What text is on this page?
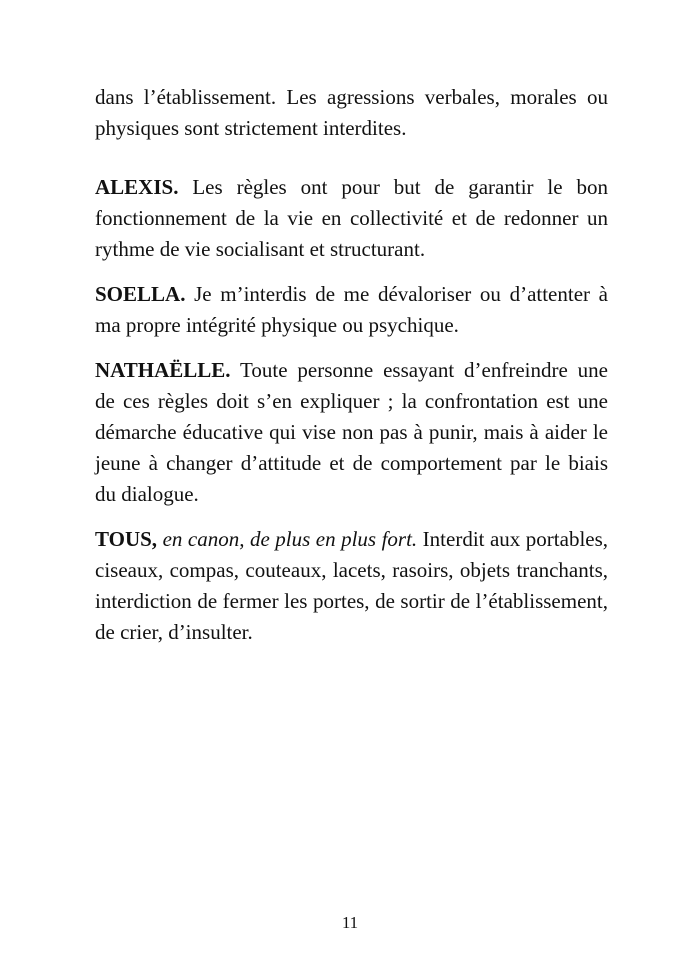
dans l’établissement. Les agressions verbales, morales ou physiques sont strictement interdites.

ALEXIS. Les règles ont pour but de garantir le bon fonctionnement de la vie en collectivité et de redonner un rythme de vie socialisant et structurant.

SOELLA. Je m’interdis de me dévaloriser ou d’attenter à ma propre intégrité physique ou psychique.

NATHAËLLE. Toute personne essayant d’enfreindre une de ces règles doit s’en expliquer ; la confrontation est une démarche éducative qui vise non pas à punir, mais à aider le jeune à changer d’attitude et de comportement par le biais du dialogue.

TOUS, en canon, de plus en plus fort. Interdit aux portables, ciseaux, compas, couteaux, lacets, rasoirs, objets tranchants, interdiction de fermer les portes, de sortir de l’établissement, de crier, d’insulter.

11
